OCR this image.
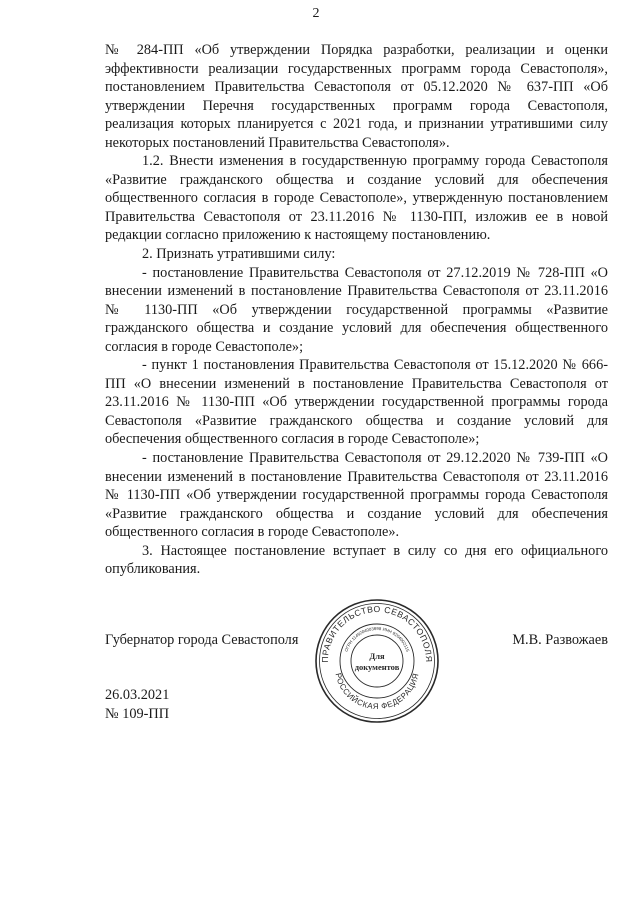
2

№ 284-ПП «Об утверждении Порядка разработки, реализации и оценки эффективности реализации государственных программ города Севастополя», постановлением Правительства Севастополя от 05.12.2020 № 637-ПП «Об утверждении Перечня государственных программ города Севастополя, реализация которых планируется с 2021 года, и признании утратившими силу некоторых постановлений Правительства Севастополя».

1.2. Внести изменения в государственную программу города Севастополя «Развитие гражданского общества и создание условий для обеспечения общественного согласия в городе Севастополе», утвержденную постановлением Правительства Севастополя от 23.11.2016 № 1130-ПП, изложив ее в новой редакции согласно приложению к настоящему постановлению.

2. Признать утратившими силу:

- постановление Правительства Севастополя от 27.12.2019 № 728-ПП «О внесении изменений в постановление Правительства Севастополя от 23.11.2016 № 1130-ПП «Об утверждении государственной программы «Развитие гражданского общества и создание условий для обеспечения общественного согласия в городе Севастополе»;

- пункт 1 постановления Правительства Севастополя от 15.12.2020 № 666-ПП «О внесении изменений в постановление Правительства Севастополя от 23.11.2016 № 1130-ПП «Об утверждении государственной программы города Севастополя «Развитие гражданского общества и создание условий для обеспечения общественного согласия в городе Севастополе»;

- постановление Правительства Севастополя от 29.12.2020 № 739-ПП «О внесении изменений в постановление Правительства Севастополя от 23.11.2016 № 1130-ПП «Об утверждении государственной программы города Севастополя «Развитие гражданского общества и создание условий для обеспечения общественного согласия в городе Севастополе».

3. Настоящее постановление вступает в силу со дня его официального опубликования.

Губернатор города Севастополя	М.В. Развожаев
26.03.2021
№ 109-ПП
ПРАВИТЕЛЬСТВО СЕВАСТОПОЛЯ
РОССИЙСКАЯ ФЕДЕРАЦИЯ
ОГРН 1149204003698 ИНН 9204002115
Для
документов
